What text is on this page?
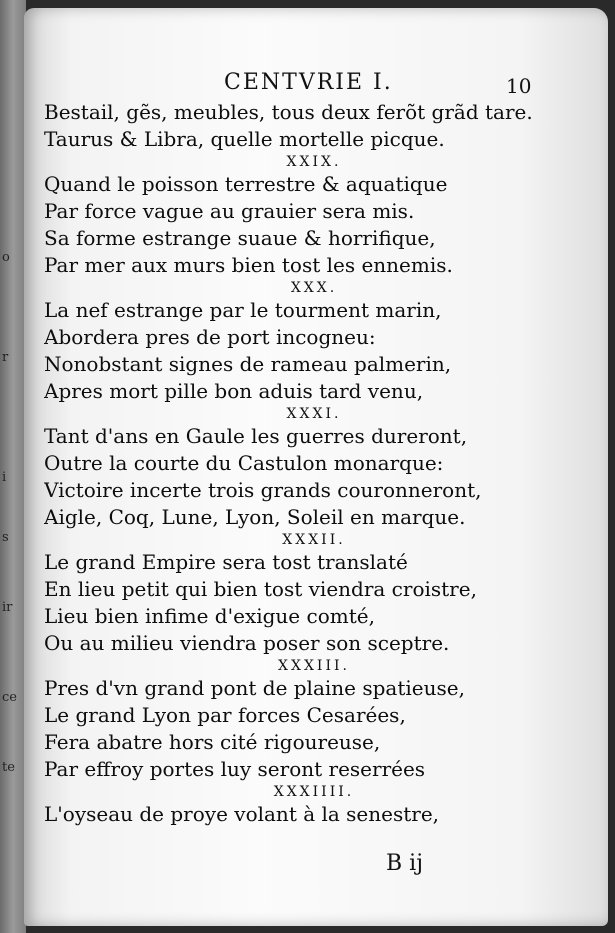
o
r
i
s
ir
ce
te
CENTVRIE I.	10
Bestail, gẽs, meubles, tous deux ferõt grãd tare.
Taurus & Libra, quelle mortelle picque.
XXIX.
Quand le poisson terrestre & aquatique
Par force vague au grauier sera mis.
Sa forme estrange suaue & horrifique,
Par mer aux murs bien tost les ennemis.
XXX.
La nef estrange par le tourment marin,
Abordera pres de port incogneu:
Nonobstant signes de rameau palmerin,
Apres mort pille bon aduis tard venu,
XXXI.
Tant d'ans en Gaule les guerres dureront,
Outre la courte du Castulon monarque:
Victoire incerte trois grands couronneront,
Aigle, Coq, Lune, Lyon, Soleil en marque.
XXXII.
Le grand Empire sera tost translaté
En lieu petit qui bien tost viendra croistre,
Lieu bien infime d'exigue comté,
Ou au milieu viendra poser son sceptre.
XXXIII.
Pres d'vn grand pont de plaine spatieuse,
Le grand Lyon par forces Cesarées,
Fera abatre hors cité rigoureuse,
Par effroy portes luy seront reserrées
XXXIIII.
L'oyseau de proye volant à la senestre,
B ij
